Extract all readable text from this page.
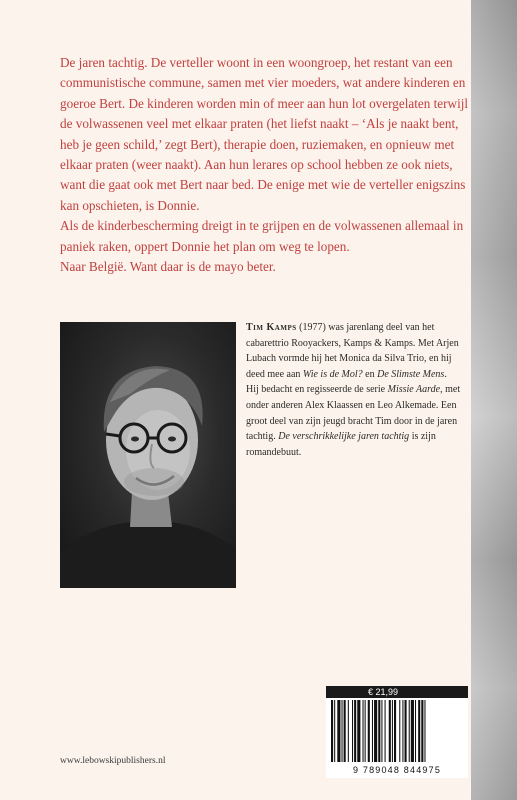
De jaren tachtig. De verteller woont in een woongroep, het restant van een communistische commune, samen met vier moeders, wat andere kinderen en goeroe Bert. De kinderen worden min of meer aan hun lot overgelaten terwijl de volwassenen veel met elkaar praten (het liefst naakt – ‘Als je naakt bent, heb je geen schild,’ zegt Bert), therapie doen, ruziemaken, en opnieuw met elkaar praten (weer naakt). Aan hun lerares op school hebben ze ook niets, want die gaat ook met Bert naar bed. De enige met wie de verteller enigszins kan opschieten, is Donnie.

Als de kinderbescherming dreigt in te grijpen en de volwassenen allemaal in paniek raken, oppert Donnie het plan om weg te lopen.

Naar België. Want daar is de mayo beter.

Tim Kamps (1977) was jarenlang deel van het cabarettrio Rooyackers, Kamps & Kamps. Met Arjen Lubach vormde hij het Monica da Silva Trio, en hij deed mee aan Wie is de Mol? en De Slimste Mens. Hij bedacht en regisseerde de serie Missie Aarde, met onder anderen Alex Klaassen en Leo Alkemade. Een groot deel van zijn jeugd bracht Tim door in de jaren tachtig. De verschrikkelijke jaren tachtig is zijn romandebuut.
www.lebowskipublishers.nl
€ 21,99
9 789048 844975
